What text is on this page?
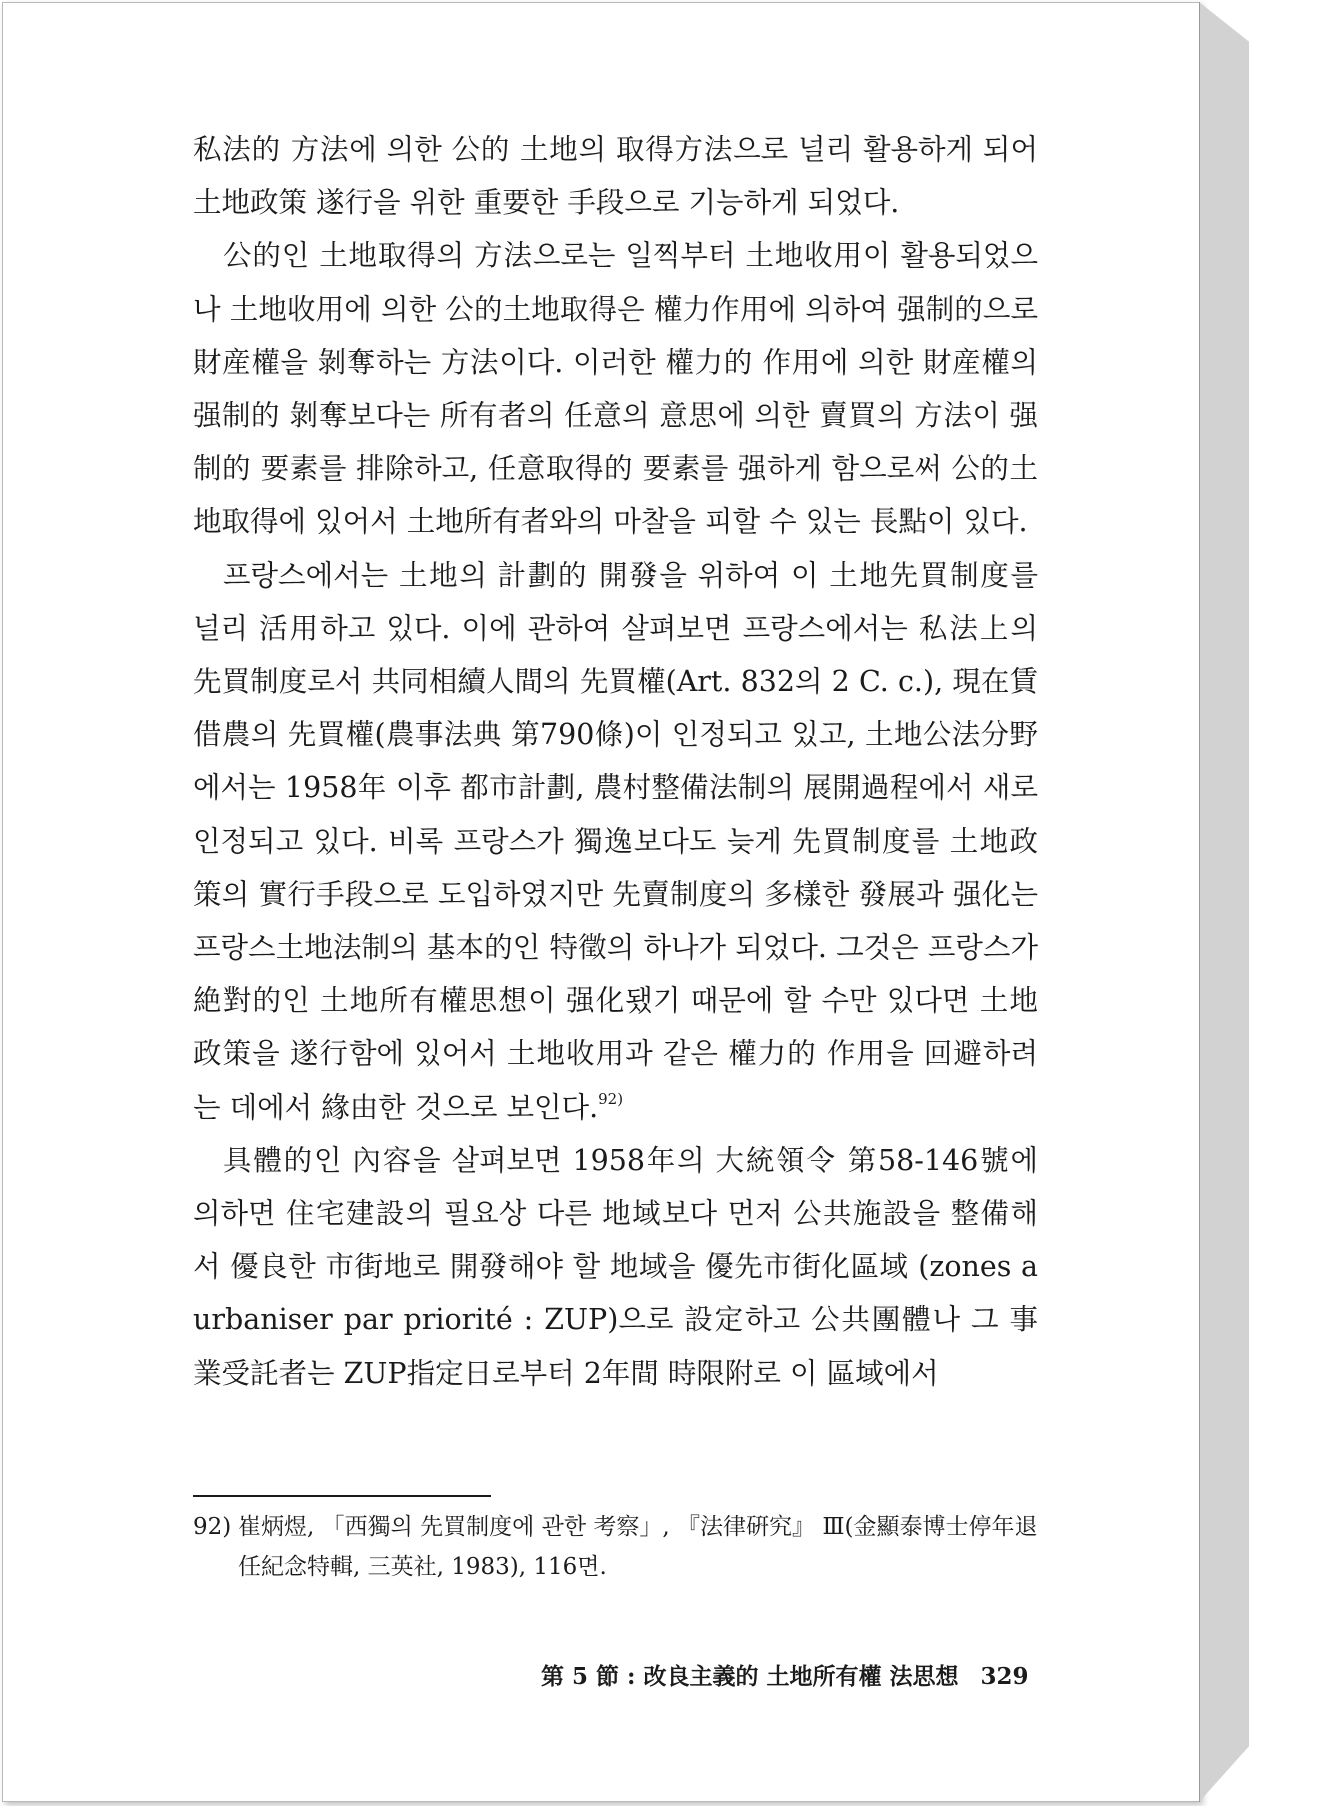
私法的 方法에 의한 公的 土地의 取得方法으로 널리 활용하게 되어 土地政策 遂行을 위한 重要한 手段으로 기능하게 되었다.

公的인 土地取得의 方法으로는 일찍부터 土地收用이 활용되었으나 土地收用에 의한 公的土地取得은 權力作用에 의하여 强制的으로 財産權을 剝奪하는 方法이다. 이러한 權力的 作用에 의한 財産權의 强制的 剝奪보다는 所有者의 任意의 意思에 의한 賣買의 方法이 强制的 要素를 排除하고, 任意取得的 要素를 强하게 함으로써 公的土地取得에 있어서 土地所有者와의 마찰을 피할 수 있는 長點이 있다.

프랑스에서는 土地의 計劃的 開發을 위하여 이 土地先買制度를 널리 活用하고 있다. 이에 관하여 살펴보면 프랑스에서는 私法上의 先買制度로서 共同相續人間의 先買權(Art. 832의 2 C. c.), 現在賃借農의 先買權(農事法典 第790條)이 인정되고 있고, 土地公法分野에서는 1958年 이후 都市計劃, 農村整備法制의 展開過程에서 새로 인정되고 있다. 비록 프랑스가 獨逸보다도 늦게 先買制度를 土地政策의 實行手段으로 도입하였지만 先賣制度의 多樣한 發展과 强化는 프랑스土地法制의 基本的인 特徵의 하나가 되었다. 그것은 프랑스가 絶對的인 土地所有權思想이 强化됐기 때문에 할 수만 있다면 土地政策을 遂行함에 있어서 土地收用과 같은 權力的 作用을 回避하려는 데에서 緣由한 것으로 보인다.$^{92)}$

具體的인 內容을 살펴보면 1958年의 大統領令 第58-146號에 의하면 住宅建設의 필요상 다른 地域보다 먼저 公共施設을 整備해서 優良한 市街地로 開發해야 할 地域을 優先市街化區域 (zones a urbaniser par priorité : ZUP)으로 設定하고 公共團體나 그 事業受託者는 ZUP指定日로부터 2年間 時限附로 이 區域에서

92) 崔炳煜, 「西獨의 先買制度에 관한 考察」, 『法律硏究』 Ⅲ(金顯泰博士停年退
任紀念特輯, 三英社, 1983), 116면.
第 5 節 : 改良主義的 土地所有權 法思想 329
